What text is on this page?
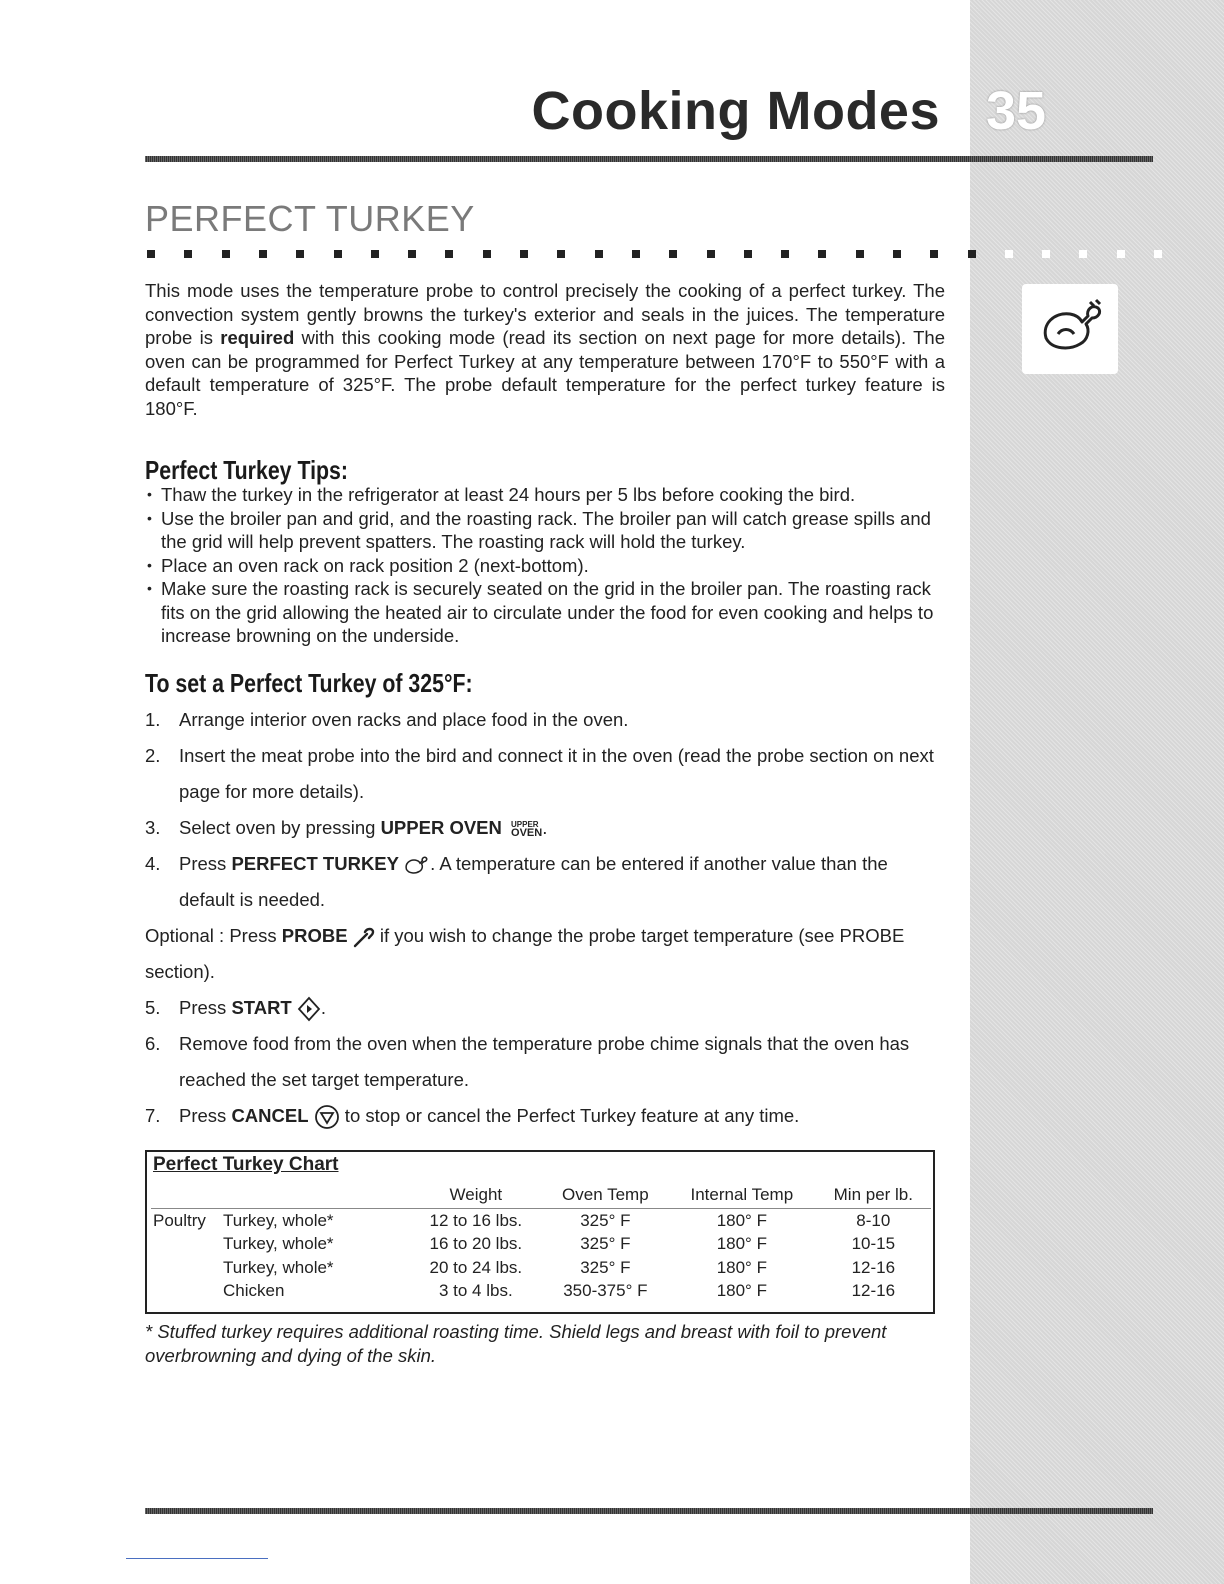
Cooking Modes 35
PERFECT TURKEY
This mode uses the temperature probe to control precisely the cooking of a perfect turkey. The convection system gently browns the turkey's exterior and seals in the juices. The temperature probe is required with this cooking mode (read its section on next page for more details). The oven can be programmed for Perfect Turkey at any temperature between 170°F to 550°F with a default temperature of 325°F. The probe default temperature for the perfect turkey feature is 180°F.
Perfect Turkey Tips:
• Thaw the turkey in the refrigerator at least 24 hours per 5 lbs before cooking the bird.
• Use the broiler pan and grid, and the roasting rack. The broiler pan will catch grease spills and the grid will help prevent spatters. The roasting rack will hold the turkey.
• Place an oven rack on rack position 2 (next-bottom).
• Make sure the roasting rack is securely seated on the grid in the broiler pan. The roasting rack fits on the grid allowing the heated air to circulate under the food for even cooking and helps to increase browning on the underside.
To set a Perfect Turkey of 325°F:
1. Arrange interior oven racks and place food in the oven.
2. Insert the meat probe into the bird and connect it in the oven (read the probe section on next page for more details).
3. Select oven by pressing UPPER OVEN UPPER
OVEN.
4. Press PERFECT TURKEY . A temperature can be entered if another value than the default is needed.
Optional : Press PROBE  if you wish to change the probe target temperature (see PROBE section).
5. Press START .
6. Remove food from the oven when the temperature probe chime signals that the oven has reached the set target temperature.
7. Press CANCEL  to stop or cancel the Perfect Turkey feature at any time.
Perfect Turkey Chart
		Weight	Oven Temp	Internal Temp	Min per lb.
Poultry	Turkey, whole*	12 to 16 lbs.	325° F	180° F	8-10
	Turkey, whole*	16 to 20 lbs.	325° F	180° F	10-15
	Turkey, whole*	20 to 24 lbs.	325° F	180° F	12-16
	Chicken	3 to 4 lbs.	350-375° F	180° F	12-16
* Stuffed turkey requires additional roasting time. Shield legs and breast with foil to prevent overbrowning and dying of the skin.
